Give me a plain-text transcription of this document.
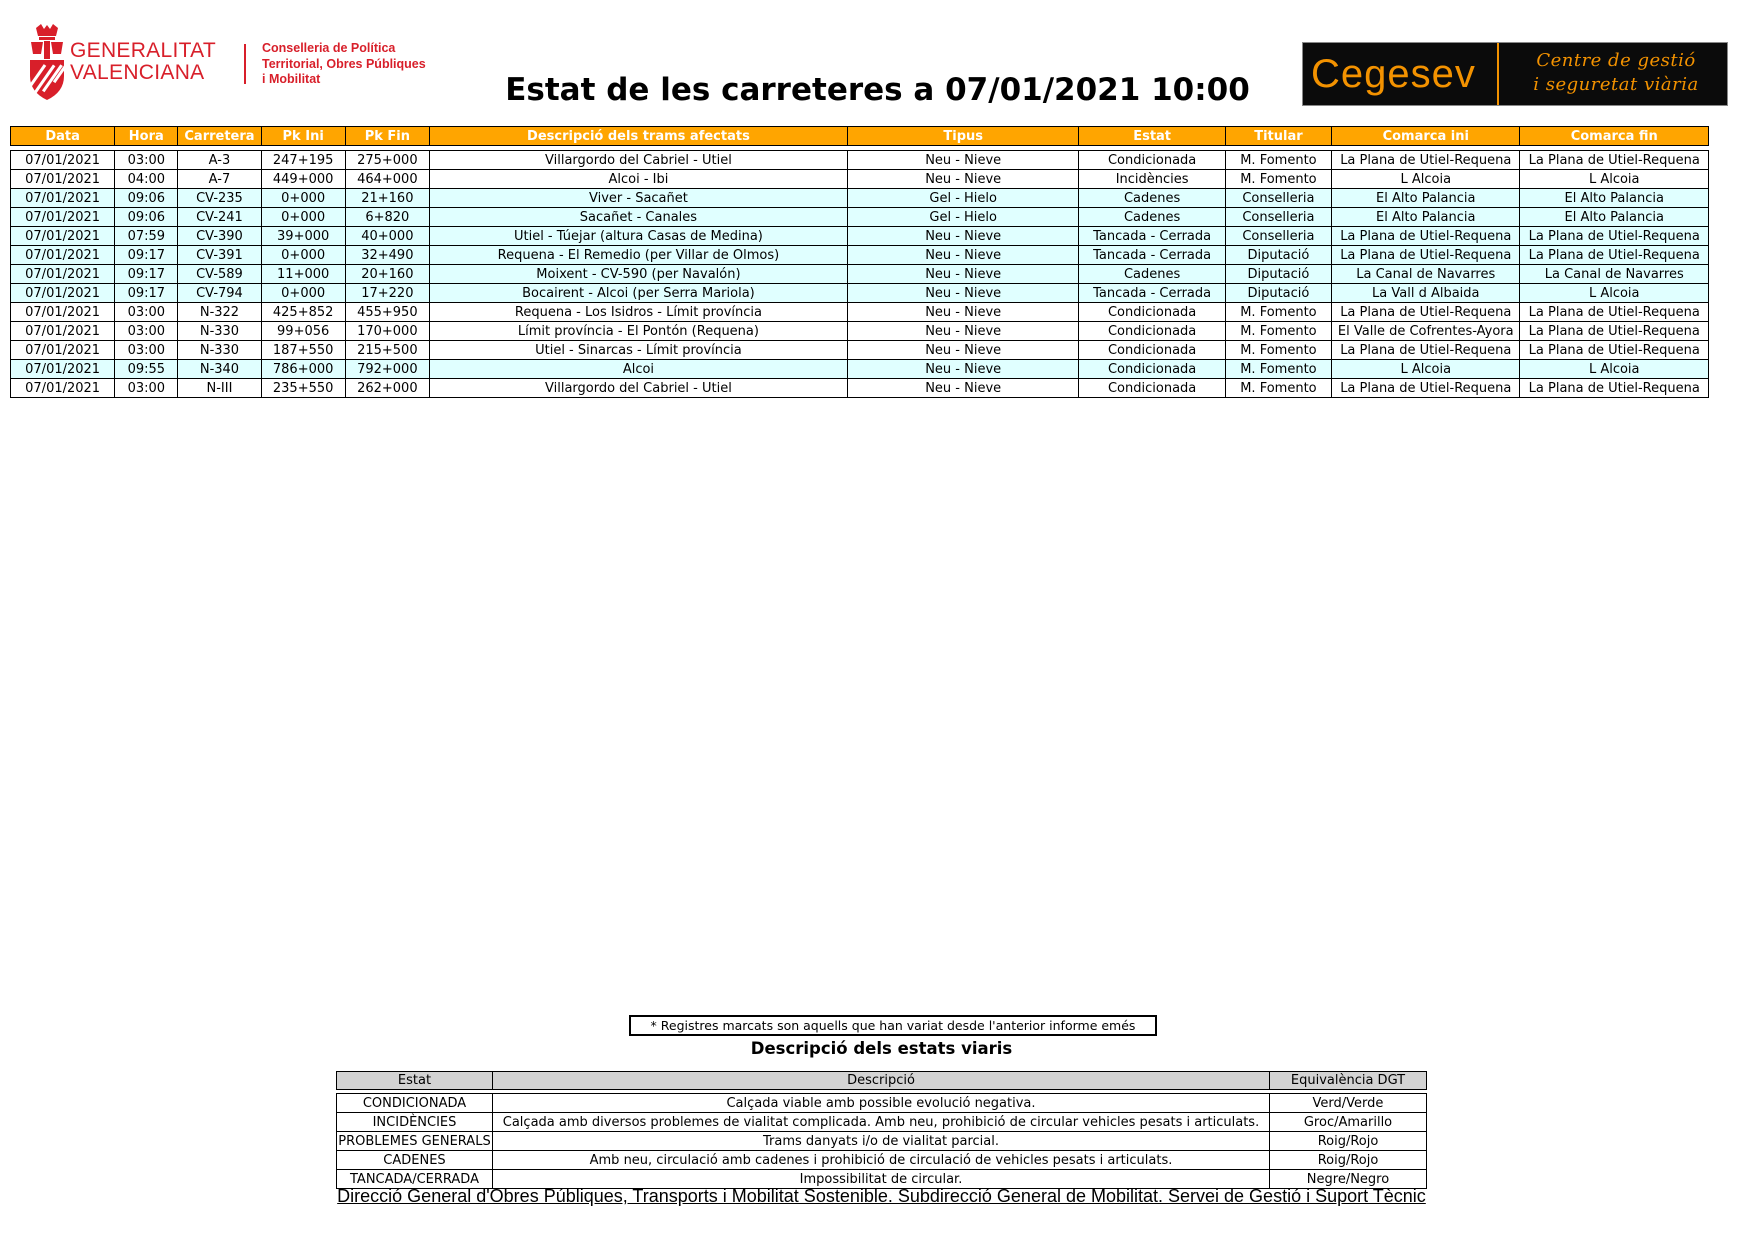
GENERALITAT
VALENCIANA
Conselleria de Política
Territorial, Obres Públiques
i Mobilitat	Estat de les carreteres a 07/01/2021 10:00	Cegesev	Centre de gestió
i seguretat viària
Data	Hora	Carretera	Pk Ini	Pk Fin	Descripció dels trams afectats	Tipus	Estat	Titular	Comarca ini	Comarca fin

07/01/2021	03:00	A-3	247+195	275+000	Villargordo del Cabriel - Utiel	Neu - Nieve	Condicionada	M. Fomento	La Plana de Utiel-Requena	La Plana de Utiel-Requena
07/01/2021	04:00	A-7	449+000	464+000	Alcoi - Ibi	Neu - Nieve	Incidències	M. Fomento	L Alcoia	L Alcoia
07/01/2021	09:06	CV-235	0+000	21+160	Viver - Sacañet	Gel - Hielo	Cadenes	Conselleria	El Alto Palancia	El Alto Palancia
07/01/2021	09:06	CV-241	0+000	6+820	Sacañet - Canales	Gel - Hielo	Cadenes	Conselleria	El Alto Palancia	El Alto Palancia
07/01/2021	07:59	CV-390	39+000	40+000	Utiel - Túejar (altura Casas de Medina)	Neu - Nieve	Tancada - Cerrada	Conselleria	La Plana de Utiel-Requena	La Plana de Utiel-Requena
07/01/2021	09:17	CV-391	0+000	32+490	Requena - El Remedio (per Villar de Olmos)	Neu - Nieve	Tancada - Cerrada	Diputació	La Plana de Utiel-Requena	La Plana de Utiel-Requena
07/01/2021	09:17	CV-589	11+000	20+160	Moixent - CV-590 (per Navalón)	Neu - Nieve	Cadenes	Diputació	La Canal de Navarres	La Canal de Navarres
07/01/2021	09:17	CV-794	0+000	17+220	Bocairent - Alcoi (per Serra Mariola)	Neu - Nieve	Tancada - Cerrada	Diputació	La Vall d Albaida	L Alcoia
07/01/2021	03:00	N-322	425+852	455+950	Requena - Los Isidros - Límit província	Neu - Nieve	Condicionada	M. Fomento	La Plana de Utiel-Requena	La Plana de Utiel-Requena
07/01/2021	03:00	N-330	99+056	170+000	Límit província - El Pontón (Requena)	Neu - Nieve	Condicionada	M. Fomento	El Valle de Cofrentes-Ayora	La Plana de Utiel-Requena
07/01/2021	03:00	N-330	187+550	215+500	Utiel - Sinarcas - Límit província	Neu - Nieve	Condicionada	M. Fomento	La Plana de Utiel-Requena	La Plana de Utiel-Requena
07/01/2021	09:55	N-340	786+000	792+000	Alcoi	Neu - Nieve	Condicionada	M. Fomento	L Alcoia	L Alcoia
07/01/2021	03:00	N-III	235+550	262+000	Villargordo del Cabriel - Utiel	Neu - Nieve	Condicionada	M. Fomento	La Plana de Utiel-Requena	La Plana de Utiel-Requena
* Registres marcats son aquells que han variat desde l'anterior informe emés
Descripció dels estats viaris
Estat	Descripció	Equivalència DGT

CONDICIONADA	Calçada viable amb possible evolució negativa.	Verd/Verde
INCIDÈNCIES	Calçada amb diversos problemes de vialitat complicada. Amb neu, prohibició de circular vehicles pesats i articulats.	Groc/Amarillo
PROBLEMES GENERALS	Trams danyats i/o de vialitat parcial.	Roig/Rojo
CADENES	Amb neu, circulació amb cadenes i prohibició de circulació de vehicles pesats i articulats.	Roig/Rojo
TANCADA/CERRADA	Impossibilitat de circular.	Negre/Negro
Direcció General d'Obres Públiques, Transports i Mobilitat Sostenible. Subdirecció General de Mobilitat. Servei de Gestió i Suport Tècnic
